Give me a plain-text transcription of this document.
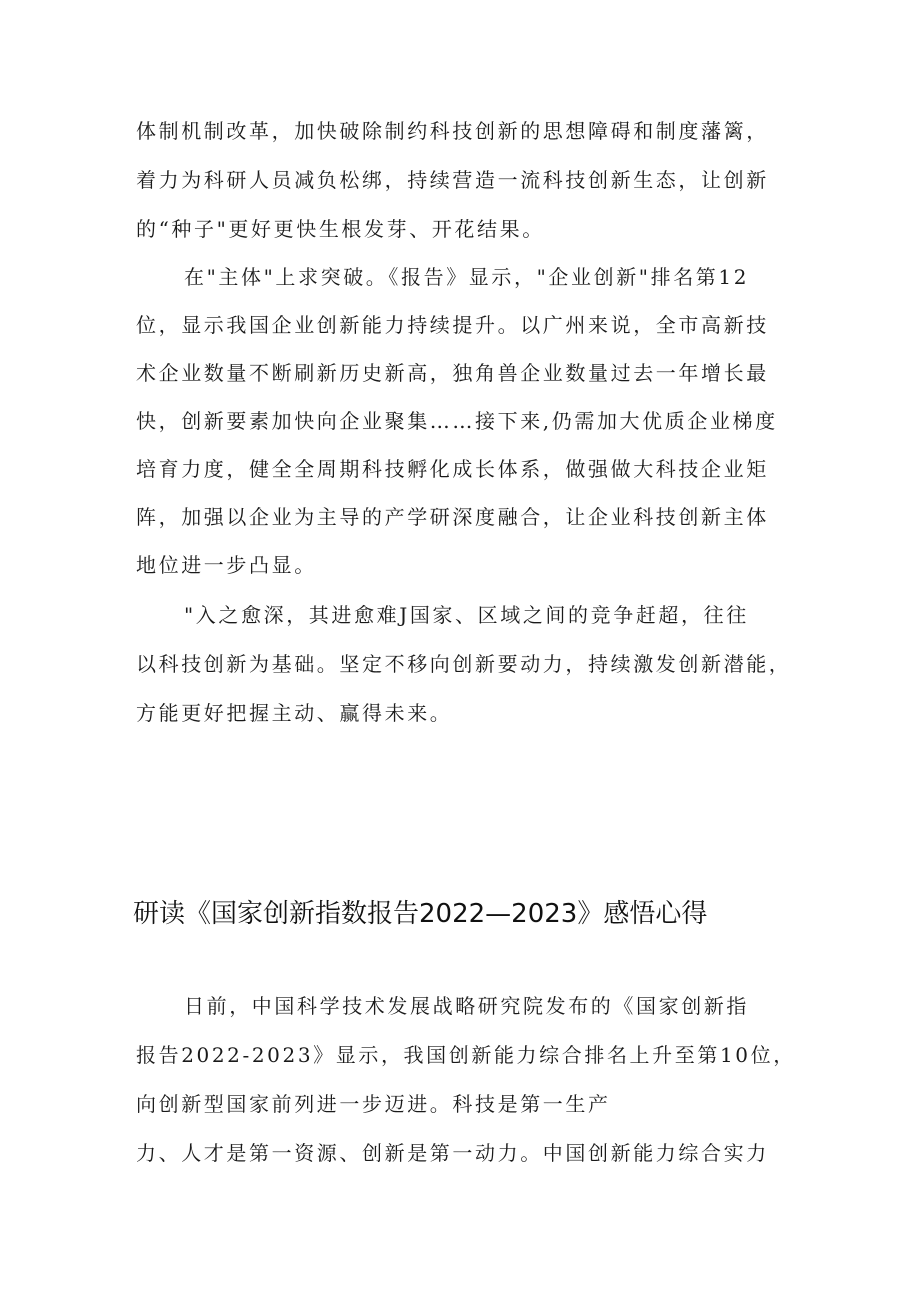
体制机制改革，加快破除制约科技创新的思想障碍和制度藩篱，
着力为科研人员减负松绑，持续营造一流科技创新生态，让创新
的“种子"更好更快生根发芽、开花结果。
在"主体"上求突破。《报告》显示，"企业创新"排名第12
位，显示我国企业创新能力持续提升。以广州来说，全市高新技
术企业数量不断刷新历史新高，独角兽企业数量过去一年增长最
快，创新要素加快向企业聚集……接下来,仍需加大优质企业梯度
培育力度，健全全周期科技孵化成长体系，做强做大科技企业矩
阵，加强以企业为主导的产学研深度融合，让企业科技创新主体
地位进一步凸显。
"入之愈深，其进愈难J国家、区域之间的竞争赶超，往往
以科技创新为基础。坚定不移向创新要动力，持续激发创新潜能，
方能更好把握主动、赢得未来。
研读《国家创新指数报告2022—2023》感悟心得
日前，中国科学技术发展战略研究院发布的《国家创新指
报告2022-2023》显示，我国创新能力综合排名上升至第10位，
向创新型国家前列进一步迈进。科技是第一生产
力、人才是第一资源、创新是第一动力。中国创新能力综合实力
